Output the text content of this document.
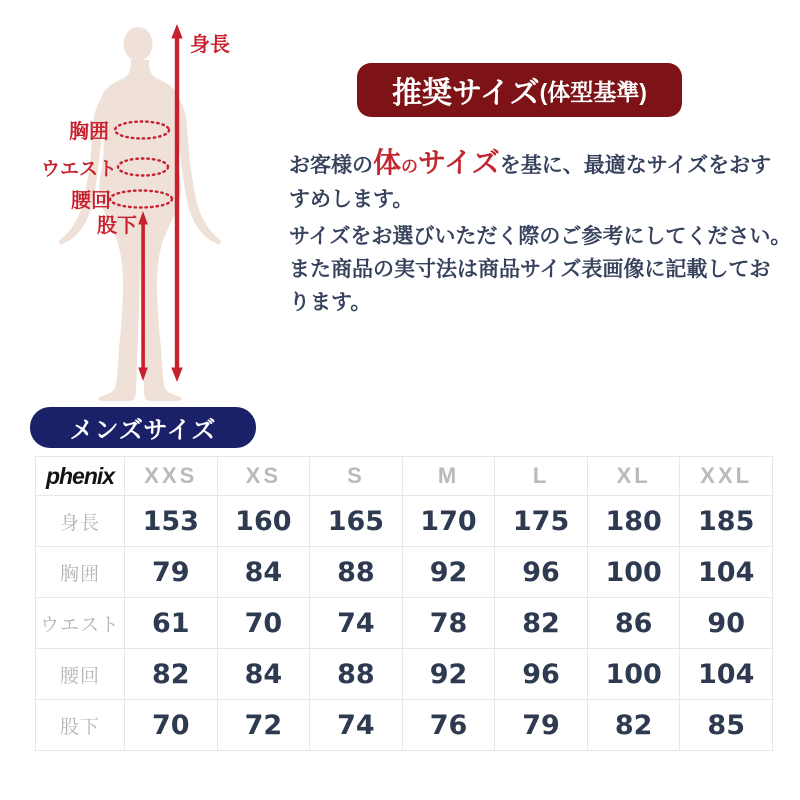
身長
胸囲
ウエスト
腰回
股下
推奨サイズ (体型基準)

お客様の体のサイズを基に、最適なサイズをおす
すめします。

サイズをお選びいただく際のご参考にしてください。
また商品の実寸法は商品サイズ表画像に記載してお
ります。

メンズサイズ
phenix	XXS	XS	S	M	L	XL	XXL
身長	153	160	165	170	175	180	185
胸囲	79	84	88	92	96	100	104
ウエスト	61	70	74	78	82	86	90
腰回	82	84	88	92	96	100	104
股下	70	72	74	76	79	82	85
